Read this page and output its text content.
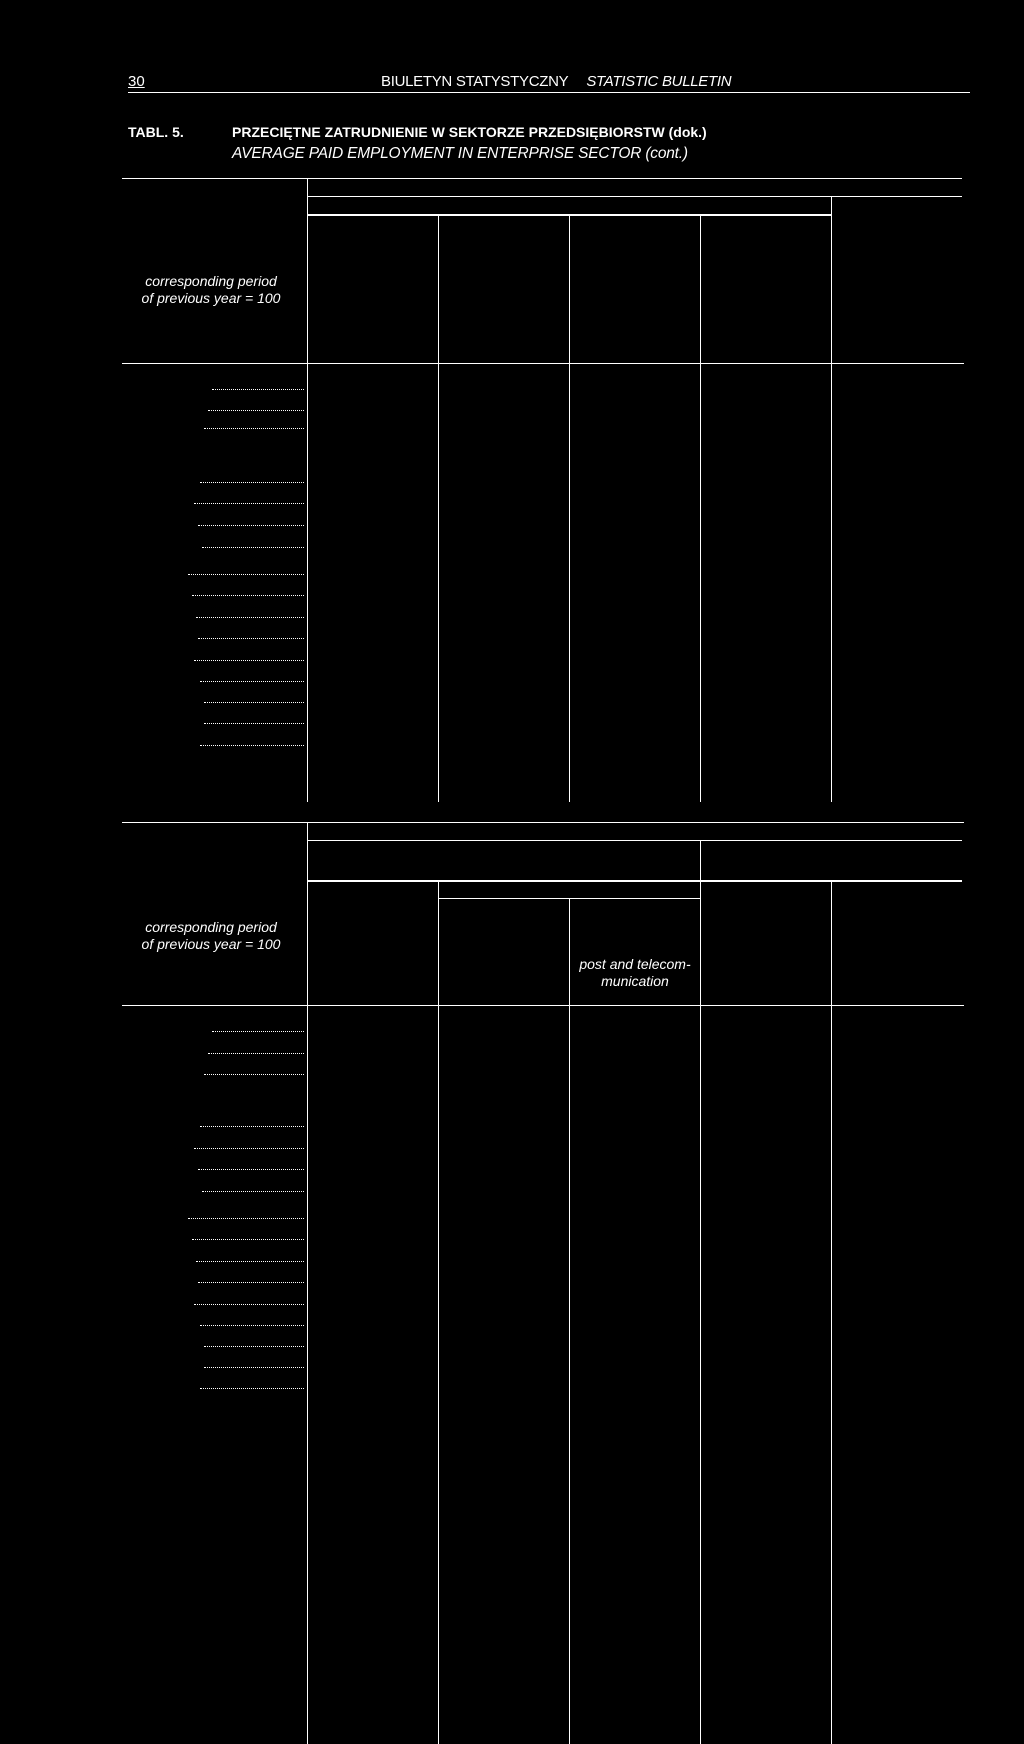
30	BIULETYN STATYSTYCZNY STATISTIC BULLETIN
TABL. 5.	PRZECIĘTNE ZATRUDNIENIE W SEKTORZE PRZEDSIĘBIORSTW (dok.)
AVERAGE PAID EMPLOYMENT IN ENTERPRISE SECTOR (cont.)
corresponding period
of previous year = 100
corresponding period
of previous year = 100
post and telecom-
munication
